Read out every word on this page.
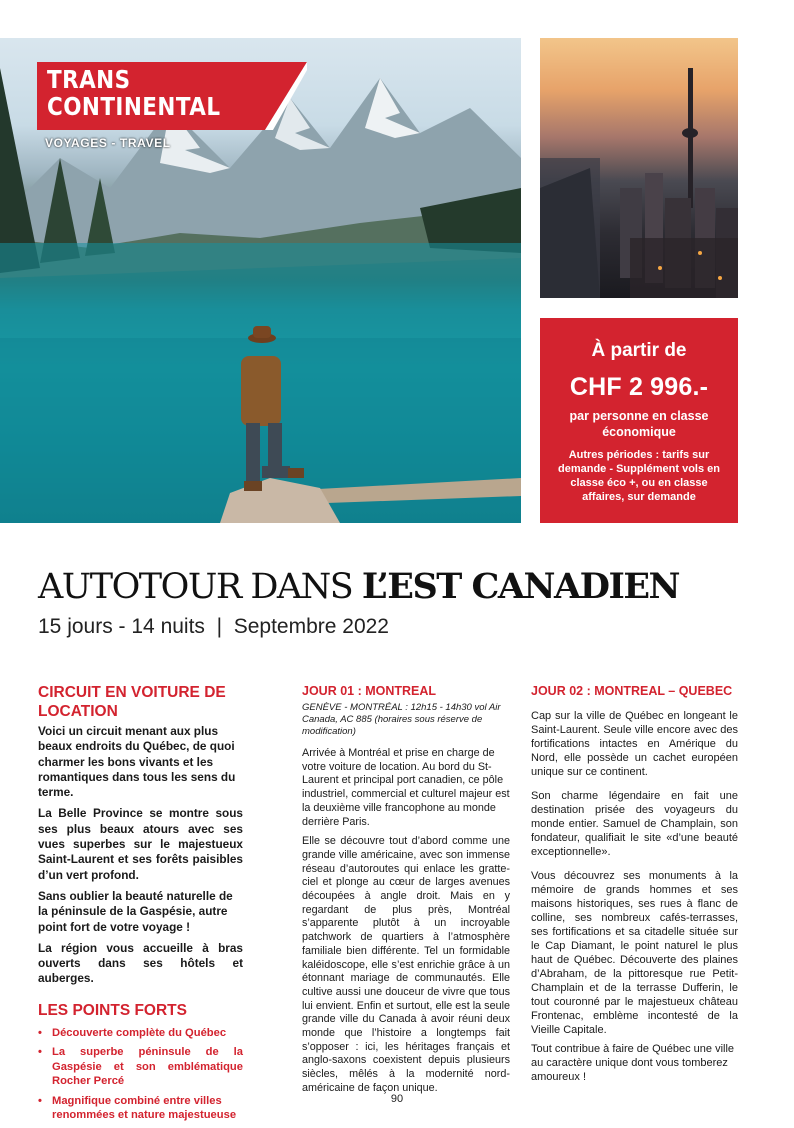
TRANS
CONTINENTAL
VOYAGES - TRAVEL
À partir de
CHF 2 996.-
par personne en classe économique
Autres périodes : tarifs sur demande - Supplément vols en classe éco +, ou en classe affaires, sur demande
AUTOTOUR DANS L’EST CANADIEN
15 jours - 14 nuits  |  Septembre 2022
CIRCUIT EN VOITURE DE LOCATION

Voici un circuit menant aux plus beaux endroits du Québec, de quoi charmer les bons vivants et les romantiques dans tous les sens du terme.

La Belle Province se montre sous ses plus beaux atours avec ses vues superbes sur le majestueux Saint-Laurent et ses forêts paisibles d’un vert profond.

Sans oublier la beauté naturelle de la péninsule de la Gaspésie, autre point fort de votre voyage !

La région vous accueille à bras ouverts dans ses hôtels et auberges.

LES POINTS FORTS
• Découverte complète du Québec
• La superbe péninsule de la Gaspésie et son emblématique Rocher Percé
• Magnifique combiné entre villes renommées et nature majestueuse
JOUR 01 : MONTREAL

GENÈVE - MONTRÉAL : 12h15 - 14h30 vol Air Canada, AC 885 (horaires sous réserve de modification)

Arrivée à Montréal et prise en charge de votre voiture de location. Au bord du St-Laurent et principal port canadien, ce pôle industriel, commercial et culturel majeur est la deuxième ville francophone au monde derrière Paris.

Elle se découvre tout d’abord comme une grande ville américaine, avec son immense réseau d’autoroutes qui enlace les gratte-ciel et plonge au cœur de larges avenues découpées à angle droit. Mais en y regardant de plus près, Montréal s’apparente plutôt à un incroyable patchwork de quartiers à l’atmosphère familiale bien différente. Tel un formidable kaléidoscope, elle s’est enrichie grâce à un étonnant mariage de communautés. Elle cultive aussi une douceur de vivre que tous lui envient. Enfin et surtout, elle est la seule grande ville du Canada à avoir réuni deux monde que l’histoire a longtemps fait s’opposer : ici, les héritages français et anglo-saxons coexistent depuis plusieurs siècles, mêlés à la modernité nord-américaine de façon unique.

JOUR 02 : MONTREAL – QUEBEC

Cap sur la ville de Québec en longeant le Saint-Laurent. Seule ville encore avec des fortifications intactes en Amérique du Nord, elle possède un cachet européen unique sur ce continent.

Son charme légendaire en fait une destination prisée des voyageurs du monde entier. Samuel de Champlain, son fondateur, qualifiait le site «d’une beauté exceptionnelle».

Vous découvrez ses monuments à la mémoire de grands hommes et ses maisons historiques, ses rues à flanc de colline, ses nombreux cafés-terrasses, ses fortifications et sa citadelle située sur le Cap Diamant, le point naturel le plus haut de Québec. Découverte des plaines d’Abraham, de la pittoresque rue Petit-Champlain et de la terrasse Dufferin, le tout couronné par le majestueux château Frontenac, emblème incontesté de la Vieille Capitale.

Tout contribue à faire de Québec une ville au caractère unique dont vous tomberez amoureux !

90
